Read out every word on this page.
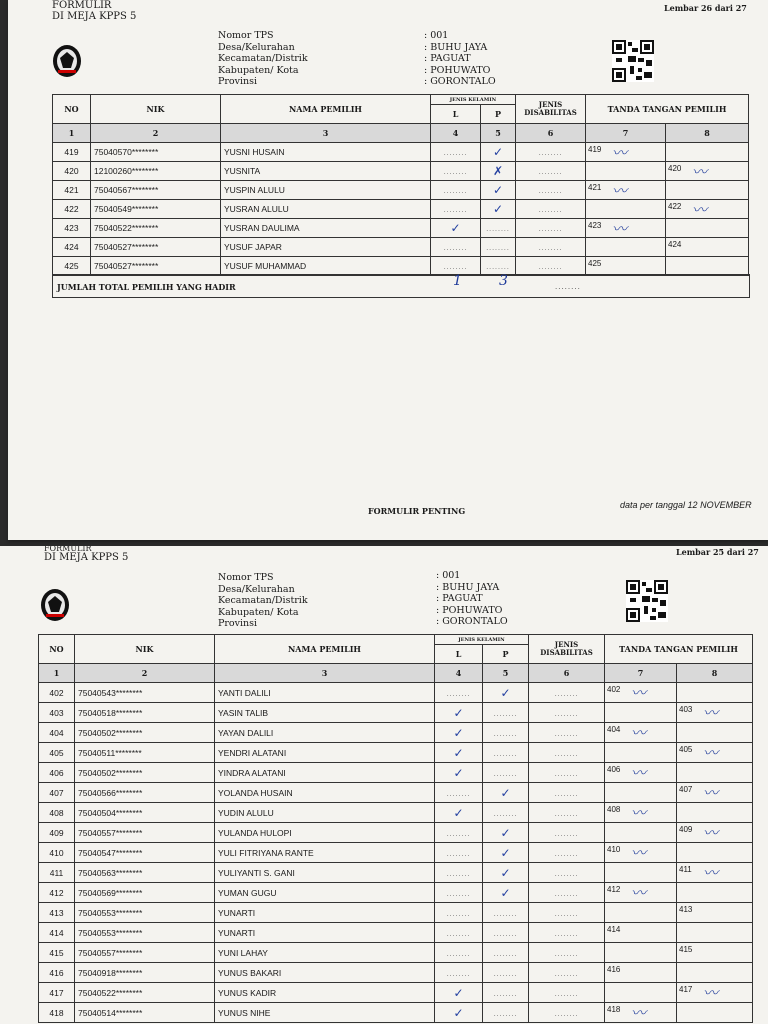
FORMULIR
DI MEJA KPPS 5
Lembar 26 dari 27
Nomor TPS
Desa/Kelurahan
Kecamatan/Distrik
Kabupaten/ Kota
Provinsi
: 001
: BUHU JAYA
: PAGUAT
: POHUWATO
: GORONTALO
NO	NIK	NAMA PEMILIH	JENIS KELAMIN		JENIS DISABILITAS	TANDA TANGAN PEMILIH	
			L	P			
1	2	3	4	5	6	7	8
419	75040570********	YUSNI HUSAIN	........	✓	........	419 〰	

420	12100260********	YUSNITA	........	✗	........		420 〰

421	75040567********	YUSPIN ALULU	........	✓	........	421 〰	

422	75040549********	YUSRAN ALULU	........	✓	........		422 〰

423	75040522********	YUSRAN DAULIMA	✓	........	........	423 〰	

424	75040527********	YUSUF JAPAR	........	........	........		424

425	75040527********	YUSUF MUHAMMAD	........	........	........	425	

JUMLAH TOTAL PEMILIH YANG HADIR	1	3	........
FORMULIR PENTING
data per tanggal 12 NOVEMBER
FORMULIR
DI MEJA KPPS 5	Lembar 25 dari 27
Nomor TPS
Desa/Kelurahan
Kecamatan/Distrik
Kabupaten/ Kota
Provinsi
: 001
: BUHU JAYA
: PAGUAT
: POHUWATO
: GORONTALO
NO	NIK	NAMA PEMILIH	JENIS KELAMIN		JENIS DISABILITAS	TANDA TANGAN PEMILIH	
			L	P			
1	2	3	4	5	6	7	8
402	75040543********	YANTI DALILI	........	✓	........	402 〰	

403	75040518********	YASIN TALIB	✓	........	........		403 〰

404	75040502********	YAYAN DALILI	✓	........	........	404 〰	

405	75040511********	YENDRI ALATANI	✓	........	........		405 〰

406	75040502********	YINDRA ALATANI	✓	........	........	406 〰	

407	75040566********	YOLANDA HUSAIN	........	✓	........		407 〰

408	75040504********	YUDIN ALULU	✓	........	........	408 〰	

409	75040557********	YULANDA HULOPI	........	✓	........		409 〰

410	75040547********	YULI FITRIYANA RANTE	........	✓	........	410 〰	

411	75040563********	YULIYANTI S. GANI	........	✓	........		411 〰

412	75040569********	YUMAN GUGU	........	✓	........	412 〰	

413	75040553********	YUNARTI	........	........	........		413

414	75040553********	YUNARTI	........	........	........	414	

415	75040557********	YUNI LAHAY	........	........	........		415

416	75040918********	YUNUS BAKARI	........	........	........	416	

417	75040522********	YUNUS KADIR	✓	........	........		417 〰

418	75040514********	YUNUS NIHE	✓	........	........	418 〰	
